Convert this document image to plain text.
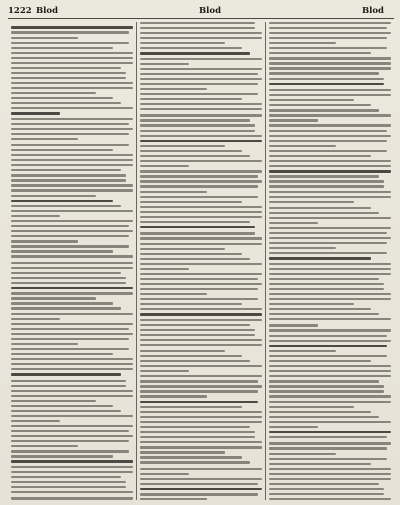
1222 Blod	Blod	Blod
